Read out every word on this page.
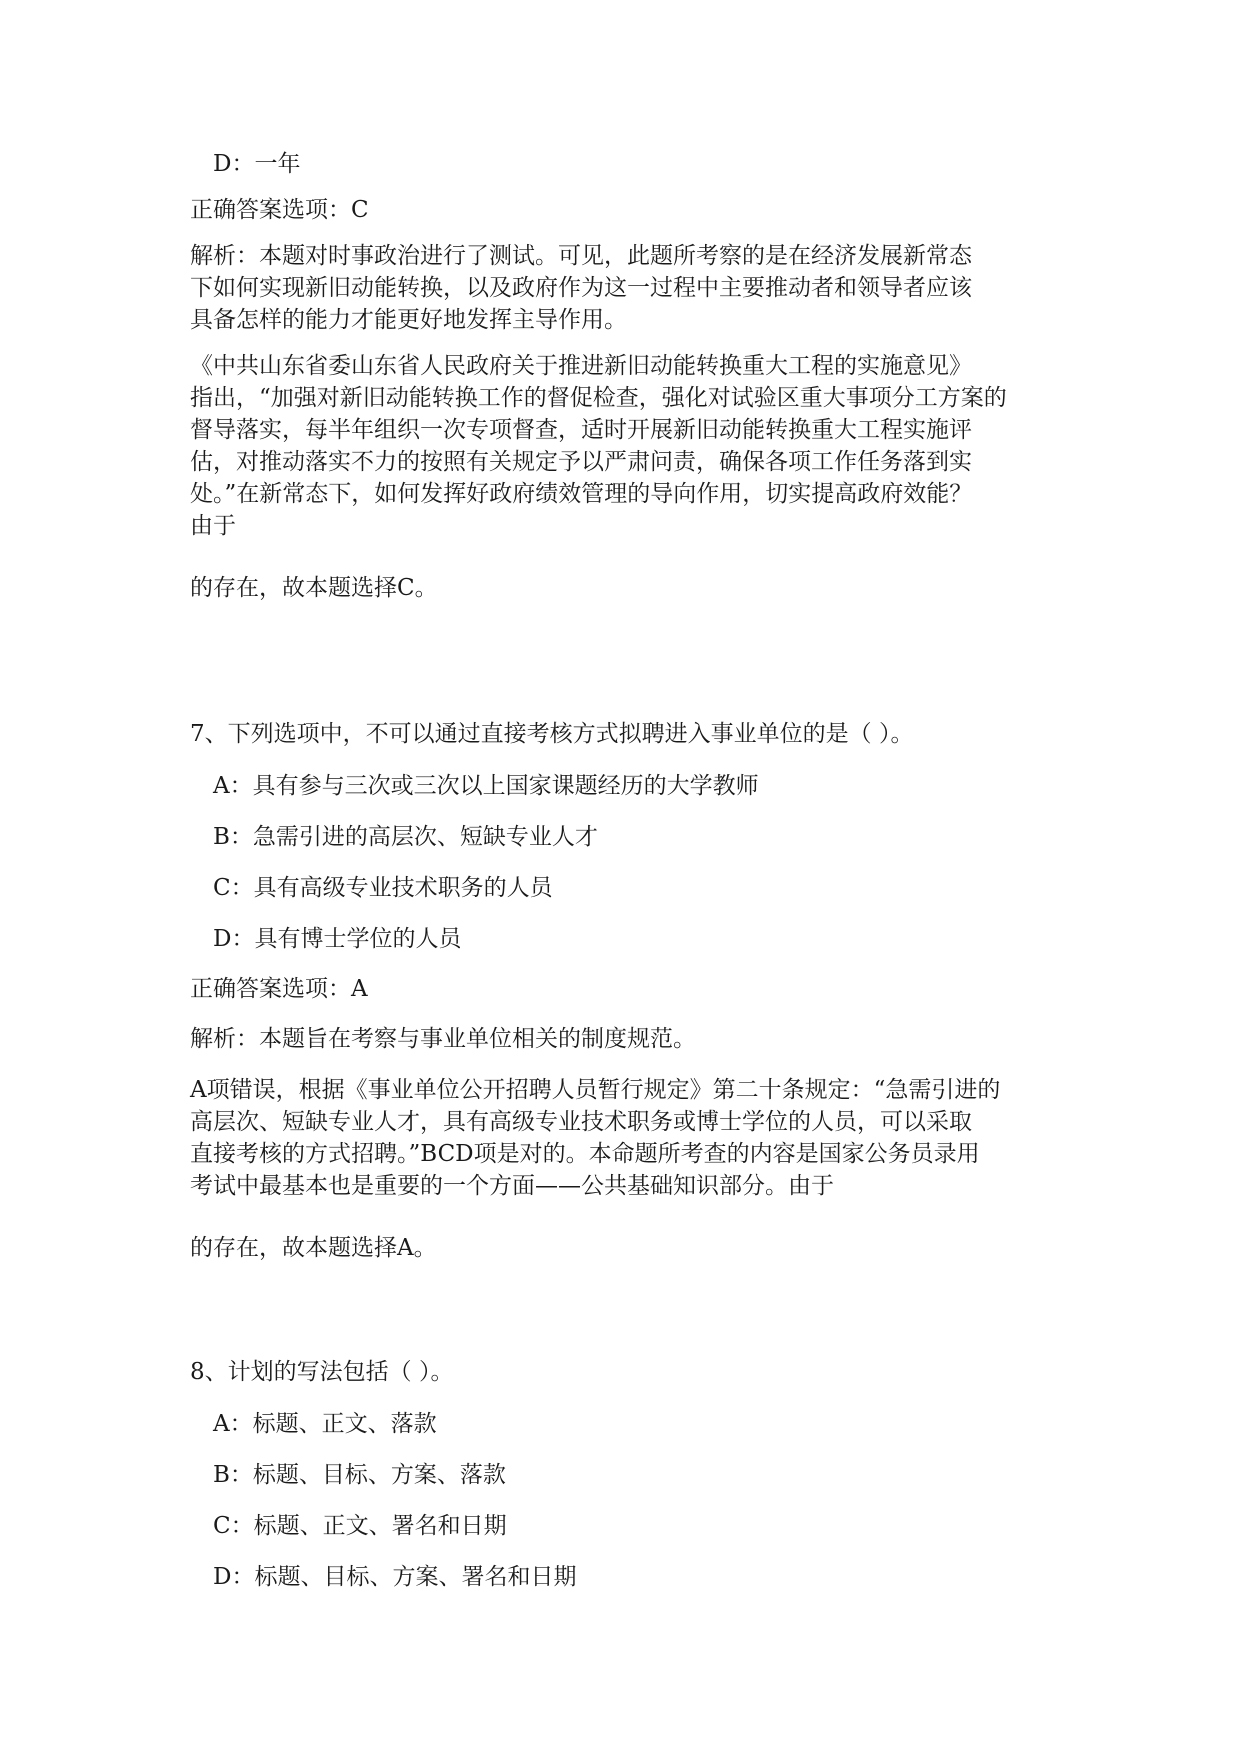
D：一年

正确答案选项：C

解析：本题对时事政治进行了测试。可见，此题所考察的是在经济发展新常态

下如何实现新旧动能转换，以及政府作为这一过程中主要推动者和领导者应该

具备怎样的能力才能更好地发挥主导作用。

《中共山东省委山东省人民政府关于推进新旧动能转换重大工程的实施意见》

指出，“加强对新旧动能转换工作的督促检查，强化对试验区重大事项分工方案的

督导落实，每半年组织一次专项督查，适时开展新旧动能转换重大工程实施评

估，对推动落实不力的按照有关规定予以严肃问责，确保各项工作任务落到实

处。”在新常态下，如何发挥好政府绩效管理的导向作用，切实提高政府效能？

由于

的存在，故本题选择C。

7、下列选项中，不可以通过直接考核方式拟聘进入事业单位的是（ ）。

A：具有参与三次或三次以上国家课题经历的大学教师

B：急需引进的高层次、短缺专业人才

C：具有高级专业技术职务的人员

D：具有博士学位的人员

正确答案选项：A

解析：本题旨在考察与事业单位相关的制度规范。

A项错误，根据《事业单位公开招聘人员暂行规定》第二十条规定：“急需引进的

高层次、短缺专业人才，具有高级专业技术职务或博士学位的人员，可以采取

直接考核的方式招聘。”BCD项是对的。本命题所考查的内容是国家公务员录用

考试中最基本也是重要的一个方面——公共基础知识部分。由于

的存在，故本题选择A。

8、计划的写法包括（ ）。

A：标题、正文、落款

B：标题、目标、方案、落款

C：标题、正文、署名和日期

D：标题、目标、方案、署名和日期
